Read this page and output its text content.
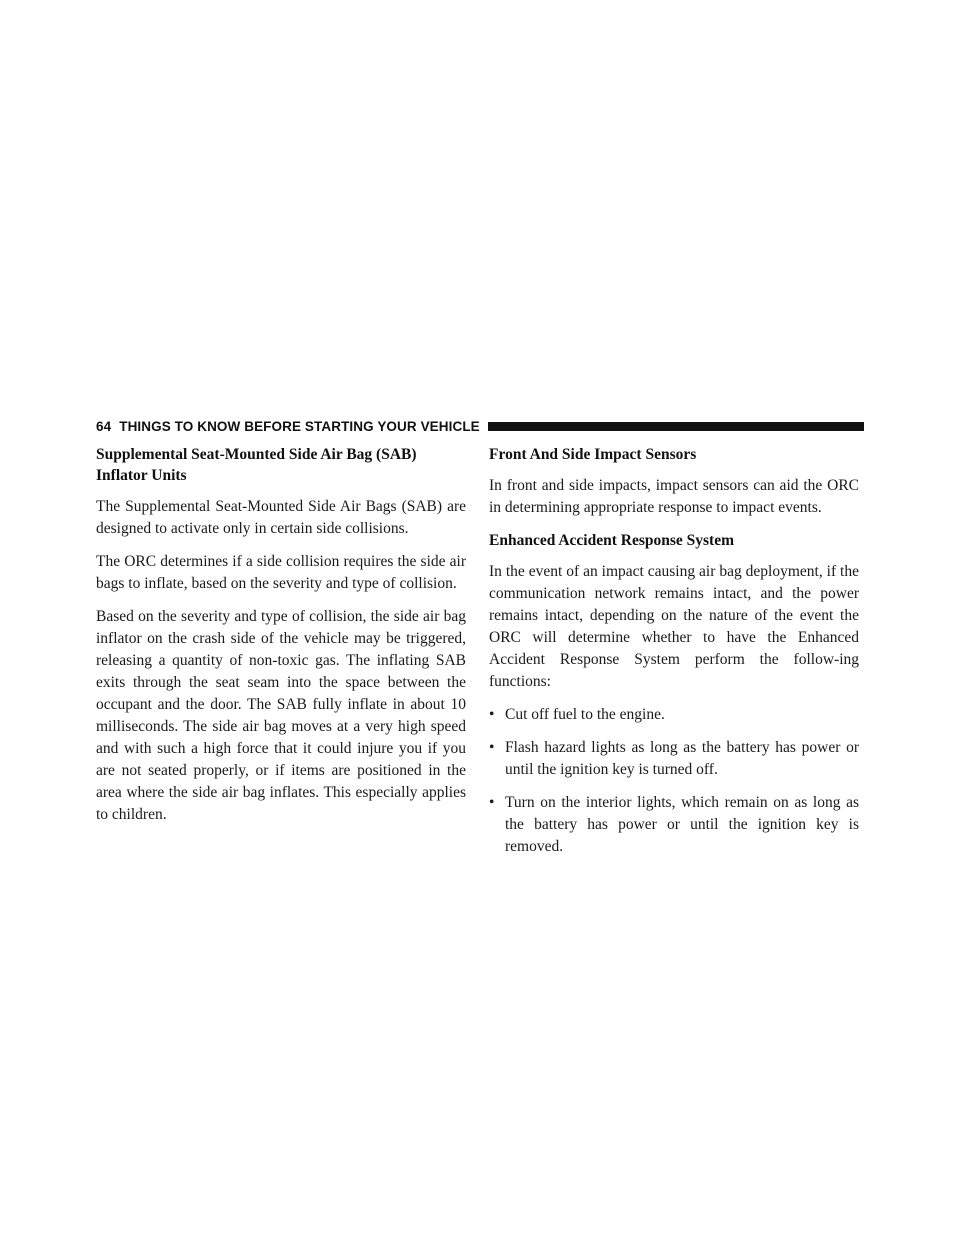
64 THINGS TO KNOW BEFORE STARTING YOUR VEHICLE
Supplemental Seat-Mounted Side Air Bag (SAB) Inflator Units

The Supplemental Seat-Mounted Side Air Bags (SAB) are designed to activate only in certain side collisions.

The ORC determines if a side collision requires the side air bags to inflate, based on the severity and type of collision.

Based on the severity and type of collision, the side air bag inflator on the crash side of the vehicle may be triggered, releasing a quantity of non-toxic gas. The inflating SAB exits through the seat seam into the space between the occupant and the door. The SAB fully inflate in about 10 milliseconds. The side air bag moves at a very high speed and with such a high force that it could injure you if you are not seated properly, or if items are positioned in the area where the side air bag inflates. This especially applies to children.

Front And Side Impact Sensors

In front and side impacts, impact sensors can aid the ORC in determining appropriate response to impact events.

Enhanced Accident Response System

In the event of an impact causing air bag deployment, if the communication network remains intact, and the power remains intact, depending on the nature of the event the ORC will determine whether to have the Enhanced Accident Response System perform the follow-ing functions:

• Cut off fuel to the engine.
• Flash hazard lights as long as the battery has power or until the ignition key is turned off.
• Turn on the interior lights, which remain on as long as the battery has power or until the ignition key is removed.
